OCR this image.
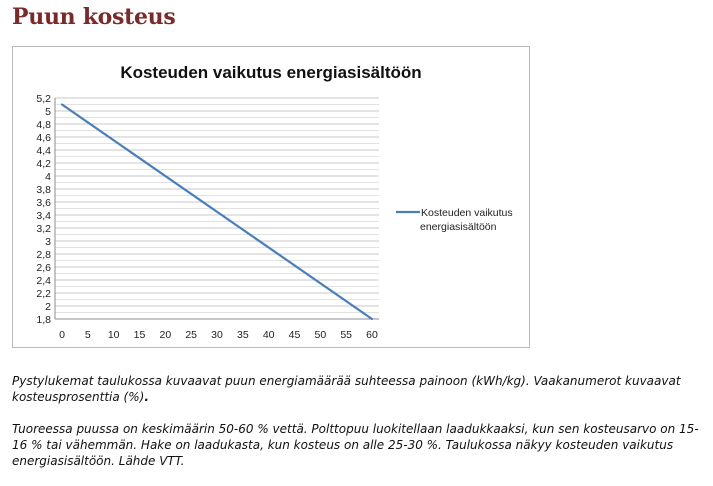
Puun kosteus
Kosteuden vaikutus energiasisältöön
1,8
2
2,2
2,4
2,6
2,8
3
3,2
3,4
3,6
3,8
4
4,2
4,4
4,6
4,8
5
5,2
0 5 10 15 20 25 30 35 40 45 50 55 60
Kosteuden vaikutus
energiasisältöön
Pystylukemat taulukossa kuvaavat puun energiamäärää suhteessa painoon (kWh/kg). Vaakanumerot kuvaavat kosteusprosenttia (%).
Tuoreessa puussa on keskimäärin 50-60 % vettä. Polttopuu luokitellaan laadukkaaksi, kun sen kosteusarvo on 15-16 % tai vähemmän. Hake on laadukasta, kun kosteus on alle 25-30 %. Taulukossa näkyy kosteuden vaikutus energiasisältöön. Lähde VTT.
